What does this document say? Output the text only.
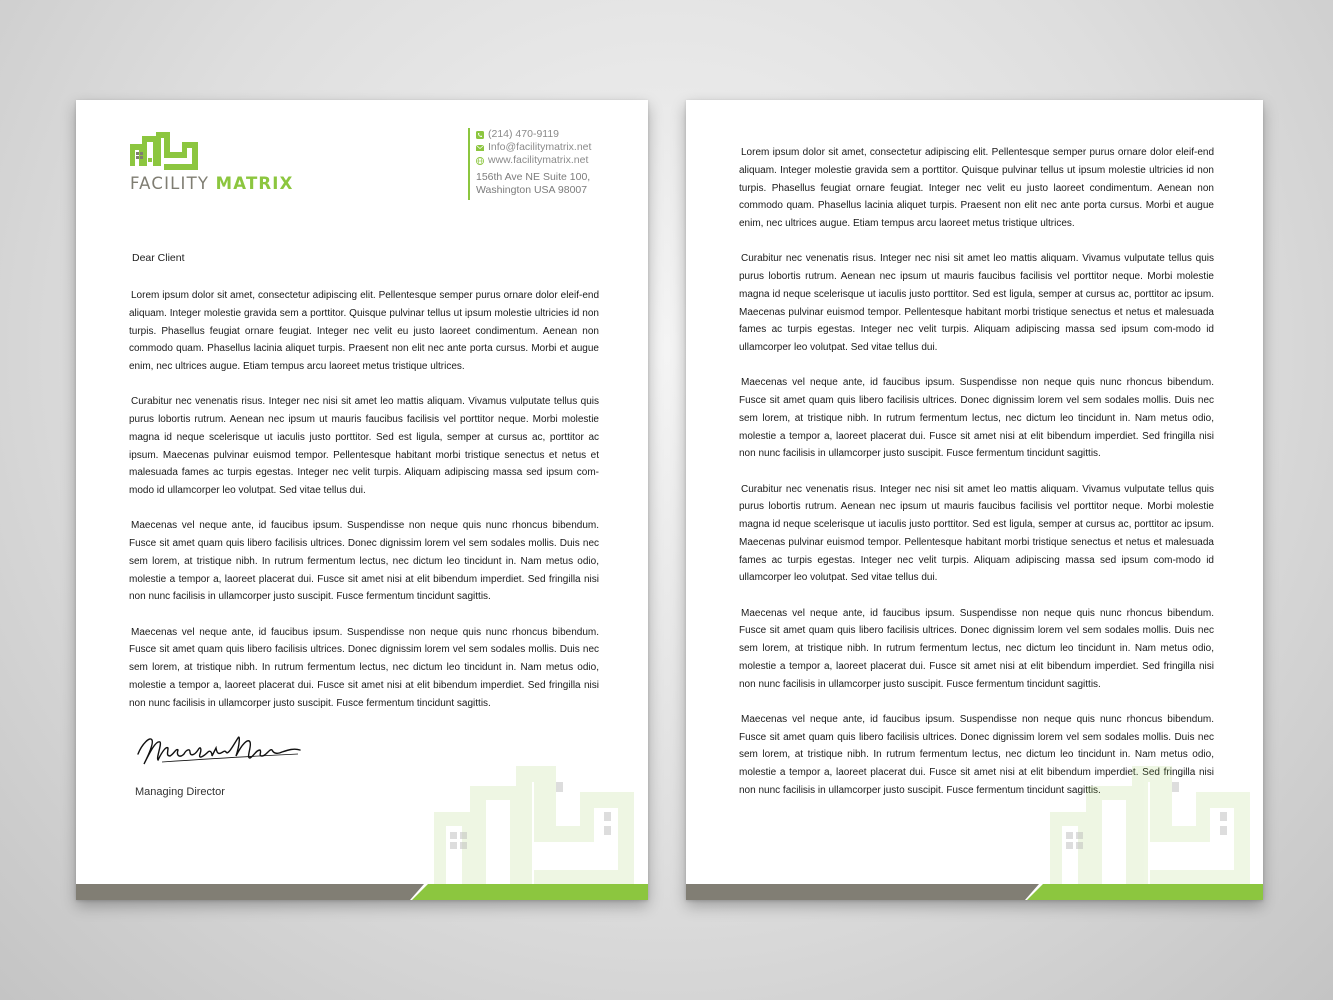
FACILITY MATRIX
(214) 470-9119
Info@facilitymatrix.net
www.facilitymatrix.net
156th Ave NE Suite 100,
Washington USA 98007
Dear Client

Lorem ipsum dolor sit amet, consectetur adipiscing elit. Pellentesque semper purus ornare dolor eleif-end aliquam. Integer molestie gravida sem a porttitor. Quisque pulvinar tellus ut ipsum molestie ultricies id non turpis. Phasellus feugiat ornare feugiat. Integer nec velit eu justo laoreet condimentum. Aenean non commodo quam. Phasellus lacinia aliquet turpis. Praesent non elit nec ante porta cursus. Morbi et augue enim, nec ultrices augue. Etiam tempus arcu laoreet metus tristique ultrices.

Curabitur nec venenatis risus. Integer nec nisi sit amet leo mattis aliquam. Vivamus vulputate tellus quis purus lobortis rutrum. Aenean nec ipsum ut mauris faucibus facilisis vel porttitor neque. Morbi molestie magna id neque scelerisque ut iaculis justo porttitor. Sed est ligula, semper at cursus ac, porttitor ac ipsum. Maecenas pulvinar euismod tempor. Pellentesque habitant morbi tristique senectus et netus et malesuada fames ac turpis egestas. Integer nec velit turpis. Aliquam adipiscing massa sed ipsum com-modo id ullamcorper leo volutpat. Sed vitae tellus dui.

Maecenas vel neque ante, id faucibus ipsum. Suspendisse non neque quis nunc rhoncus bibendum. Fusce sit amet quam quis libero facilisis ultrices. Donec dignissim lorem vel sem sodales mollis. Duis nec sem lorem, at tristique nibh. In rutrum fermentum lectus, nec dictum leo tincidunt in. Nam metus odio, molestie a tempor a, laoreet placerat dui. Fusce sit amet nisi at elit bibendum imperdiet. Sed fringilla nisi non nunc facilisis in ullamcorper justo suscipit. Fusce fermentum tincidunt sagittis.

Maecenas vel neque ante, id faucibus ipsum. Suspendisse non neque quis nunc rhoncus bibendum. Fusce sit amet quam quis libero facilisis ultrices. Donec dignissim lorem vel sem sodales mollis. Duis nec sem lorem, at tristique nibh. In rutrum fermentum lectus, nec dictum leo tincidunt in. Nam metus odio, molestie a tempor a, laoreet placerat dui. Fusce sit amet nisi at elit bibendum imperdiet. Sed fringilla nisi non nunc facilisis in ullamcorper justo suscipit. Fusce fermentum tincidunt sagittis.

Managing Director

Lorem ipsum dolor sit amet, consectetur adipiscing elit. Pellentesque semper purus ornare dolor eleif-end aliquam. Integer molestie gravida sem a porttitor. Quisque pulvinar tellus ut ipsum molestie ultricies id non turpis. Phasellus feugiat ornare feugiat. Integer nec velit eu justo laoreet condimentum. Aenean non commodo quam. Phasellus lacinia aliquet turpis. Praesent non elit nec ante porta cursus. Morbi et augue enim, nec ultrices augue. Etiam tempus arcu laoreet metus tristique ultrices.

Curabitur nec venenatis risus. Integer nec nisi sit amet leo mattis aliquam. Vivamus vulputate tellus quis purus lobortis rutrum. Aenean nec ipsum ut mauris faucibus facilisis vel porttitor neque. Morbi molestie magna id neque scelerisque ut iaculis justo porttitor. Sed est ligula, semper at cursus ac, porttitor ac ipsum. Maecenas pulvinar euismod tempor. Pellentesque habitant morbi tristique senectus et netus et malesuada fames ac turpis egestas. Integer nec velit turpis. Aliquam adipiscing massa sed ipsum com-modo id ullamcorper leo volutpat. Sed vitae tellus dui.

Maecenas vel neque ante, id faucibus ipsum. Suspendisse non neque quis nunc rhoncus bibendum. Fusce sit amet quam quis libero facilisis ultrices. Donec dignissim lorem vel sem sodales mollis. Duis nec sem lorem, at tristique nibh. In rutrum fermentum lectus, nec dictum leo tincidunt in. Nam metus odio, molestie a tempor a, laoreet placerat dui. Fusce sit amet nisi at elit bibendum imperdiet. Sed fringilla nisi non nunc facilisis in ullamcorper justo suscipit. Fusce fermentum tincidunt sagittis.

Curabitur nec venenatis risus. Integer nec nisi sit amet leo mattis aliquam. Vivamus vulputate tellus quis purus lobortis rutrum. Aenean nec ipsum ut mauris faucibus facilisis vel porttitor neque. Morbi molestie magna id neque scelerisque ut iaculis justo porttitor. Sed est ligula, semper at cursus ac, porttitor ac ipsum. Maecenas pulvinar euismod tempor. Pellentesque habitant morbi tristique senectus et netus et malesuada fames ac turpis egestas. Integer nec velit turpis. Aliquam adipiscing massa sed ipsum com-modo id ullamcorper leo volutpat. Sed vitae tellus dui.

Maecenas vel neque ante, id faucibus ipsum. Suspendisse non neque quis nunc rhoncus bibendum. Fusce sit amet quam quis libero facilisis ultrices. Donec dignissim lorem vel sem sodales mollis. Duis nec sem lorem, at tristique nibh. In rutrum fermentum lectus, nec dictum leo tincidunt in. Nam metus odio, molestie a tempor a, laoreet placerat dui. Fusce sit amet nisi at elit bibendum imperdiet. Sed fringilla nisi non nunc facilisis in ullamcorper justo suscipit. Fusce fermentum tincidunt sagittis.

Maecenas vel neque ante, id faucibus ipsum. Suspendisse non neque quis nunc rhoncus bibendum. Fusce sit amet quam quis libero facilisis ultrices. Donec dignissim lorem vel sem sodales mollis. Duis nec sem lorem, at tristique nibh. In rutrum fermentum lectus, nec dictum leo tincidunt in. Nam metus odio, molestie a tempor a, laoreet placerat dui. Fusce sit amet nisi at elit bibendum imperdiet. Sed fringilla nisi non nunc facilisis in ullamcorper justo suscipit. Fusce fermentum tincidunt sagittis.
